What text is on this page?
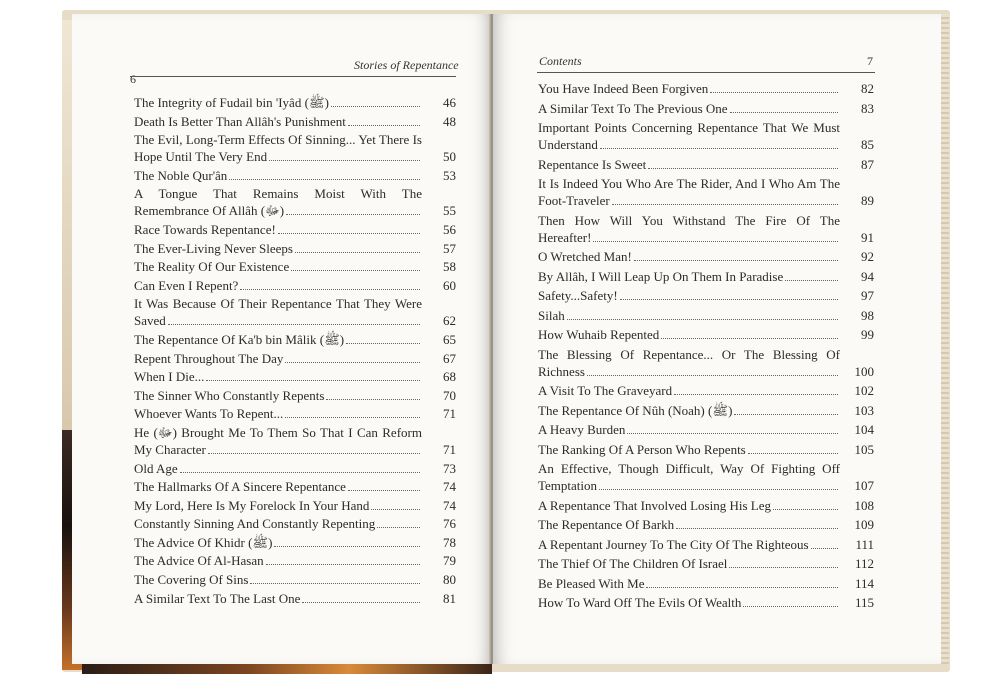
6
Stories of Repentance
The Integrity of Fudail bin 'Iyâd (ﷺ)	46
Death Is Better Than Allâh's Punishment	48
The Evil, Long-Term Effects Of Sinning... Yet There Is Hope Until The Very End	50
The Noble Qur'ân	53
A Tongue That Remains Moist With The Remembrance Of Allâh (ﷻ)	55
Race Towards Repentance!	56
The Ever-Living Never Sleeps	57
The Reality Of Our Existence	58
Can Even I Repent?	60
It Was Because Of Their Repentance That They Were Saved	62
The Repentance Of Ka'b bin Mâlik (ﷺ)	65
Repent Throughout The Day	67
When I Die...	68
The Sinner Who Constantly Repents	70
Whoever Wants To Repent...	71
He (ﷻ) Brought Me To Them So That I Can Reform My Character	71
Old Age	73
The Hallmarks Of A Sincere Repentance	74
My Lord, Here Is My Forelock In Your Hand	74
Constantly Sinning And Constantly Repenting	76
The Advice Of Khidr (ﷺ)	78
The Advice Of Al-Hasan	79
The Covering Of Sins	80
A Similar Text To The Last One	81
Contents	7
You Have Indeed Been Forgiven	82
A Similar Text To The Previous One	83
Important Points Concerning Repentance That We Must Understand	85
Repentance Is Sweet	87
It Is Indeed You Who Are The Rider, And I Who Am The Foot-Traveler	89
Then How Will You Withstand The Fire Of The Hereafter!	91
O Wretched Man!	92
By Allâh, I Will Leap Up On Them In Paradise	94
Safety...Safety!	97
Silah	98
How Wuhaib Repented	99
The Blessing Of Repentance... Or The Blessing Of Richness	100
A Visit To The Graveyard	102
The Repentance Of Nûh (Noah) (ﷺ)	103
A Heavy Burden	104
The Ranking Of A Person Who Repents	105
An Effective, Though Difficult, Way Of Fighting Off Temptation	107
A Repentance That Involved Losing His Leg	108
The Repentance Of Barkh	109
A Repentant Journey To The City Of The Righteous	111
The Thief Of The Children Of Israel	112
Be Pleased With Me	114
How To Ward Off The Evils Of Wealth	115
